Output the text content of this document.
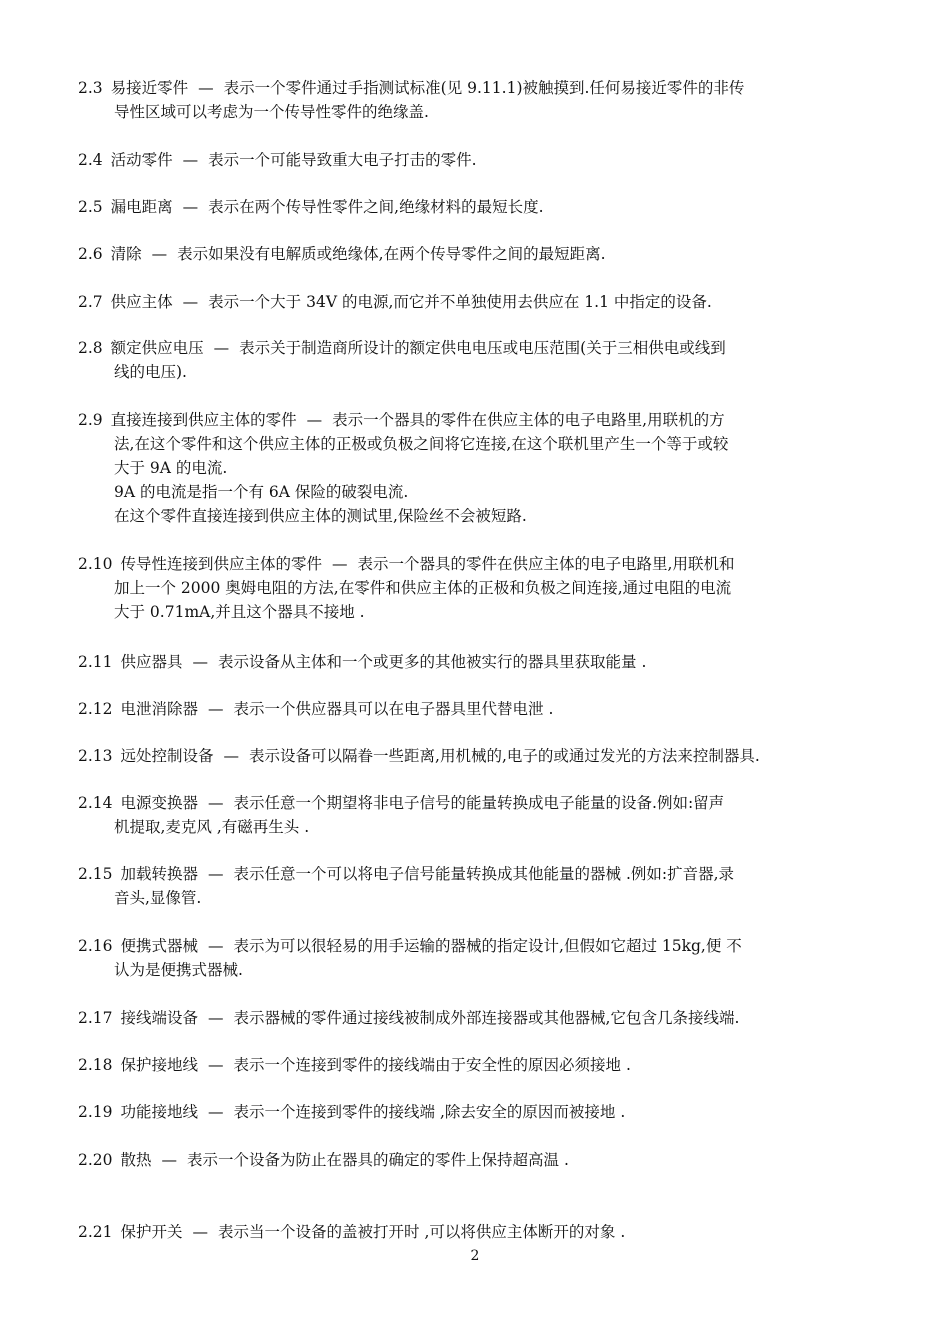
2.3 易接近零件 — 表示一个零件通过手指测试标准(见 9.11.1)被触摸到.任何易接近零件的非传
导性区域可以考虑为一个传导性零件的绝缘盖.
2.4 活动零件 — 表示一个可能导致重大电子打击的零件.
2.5 漏电距离 — 表示在两个传导性零件之间,绝缘材料的最短长度.
2.6 清除 — 表示如果没有电解质或绝缘体,在两个传导零件之间的最短距离.
2.7 供应主体 — 表示一个大于 34V 的电源,而它并不单独使用去供应在 1.1 中指定的设备.
2.8 额定供应电压 — 表示关于制造商所设计的额定供电电压或电压范围(关于三相供电或线到
线的电压).
2.9 直接连接到供应主体的零件 — 表示一个器具的零件在供应主体的电子电路里,用联机的方
法,在这个零件和这个供应主体的正极或负极之间将它连接,在这个联机里产生一个等于或较
大于 9A 的电流.
9A 的电流是指一个有 6A 保险的破裂电流.
在这个零件直接连接到供应主体的测试里,保险丝不会被短路.
2.10 传导性连接到供应主体的零件 — 表示一个器具的零件在供应主体的电子电路里,用联机和
加上一个 2000 奥姆电阻的方法,在零件和供应主体的正极和负极之间连接,通过电阻的电流
大于 0.71mA,并且这个器具不接地 .
2.11 供应器具 — 表示设备从主体和一个或更多的其他被实行的器具里获取能量 .
2.12 电泄消除器 — 表示一个供应器具可以在电子器具里代替电泄 .
2.13 远处控制设备 — 表示设备可以隔眷一些距离,用机械的,电子的或通过发光的方法来控制器具.
2.14 电源变换器 — 表示任意一个期望将非电子信号的能量转换成电子能量的设备.例如:留声
机提取,麦克风 ,有磁再生头 .
2.15 加载转换器 — 表示任意一个可以将电子信号能量转换成其他能量的器械 .例如:扩音器,录
音头,显像管.
2.16 便携式器械 — 表示为可以很轻易的用手运输的器械的指定设计,但假如它超过 15kg,便 不
认为是便携式器械.
2.17 接线端设备 — 表示器械的零件通过接线被制成外部连接器或其他器械,它包含几条接线端.
2.18 保护接地线 — 表示一个连接到零件的接线端由于安全性的原因必须接地 .
2.19 功能接地线 — 表示一个连接到零件的接线端 ,除去安全的原因而被接地 .
2.20 散热 — 表示一个设备为防止在器具的确定的零件上保持超高温 .
2.21 保护开关 — 表示当一个设备的盖被打开时 ,可以将供应主体断开的对象 .
2
